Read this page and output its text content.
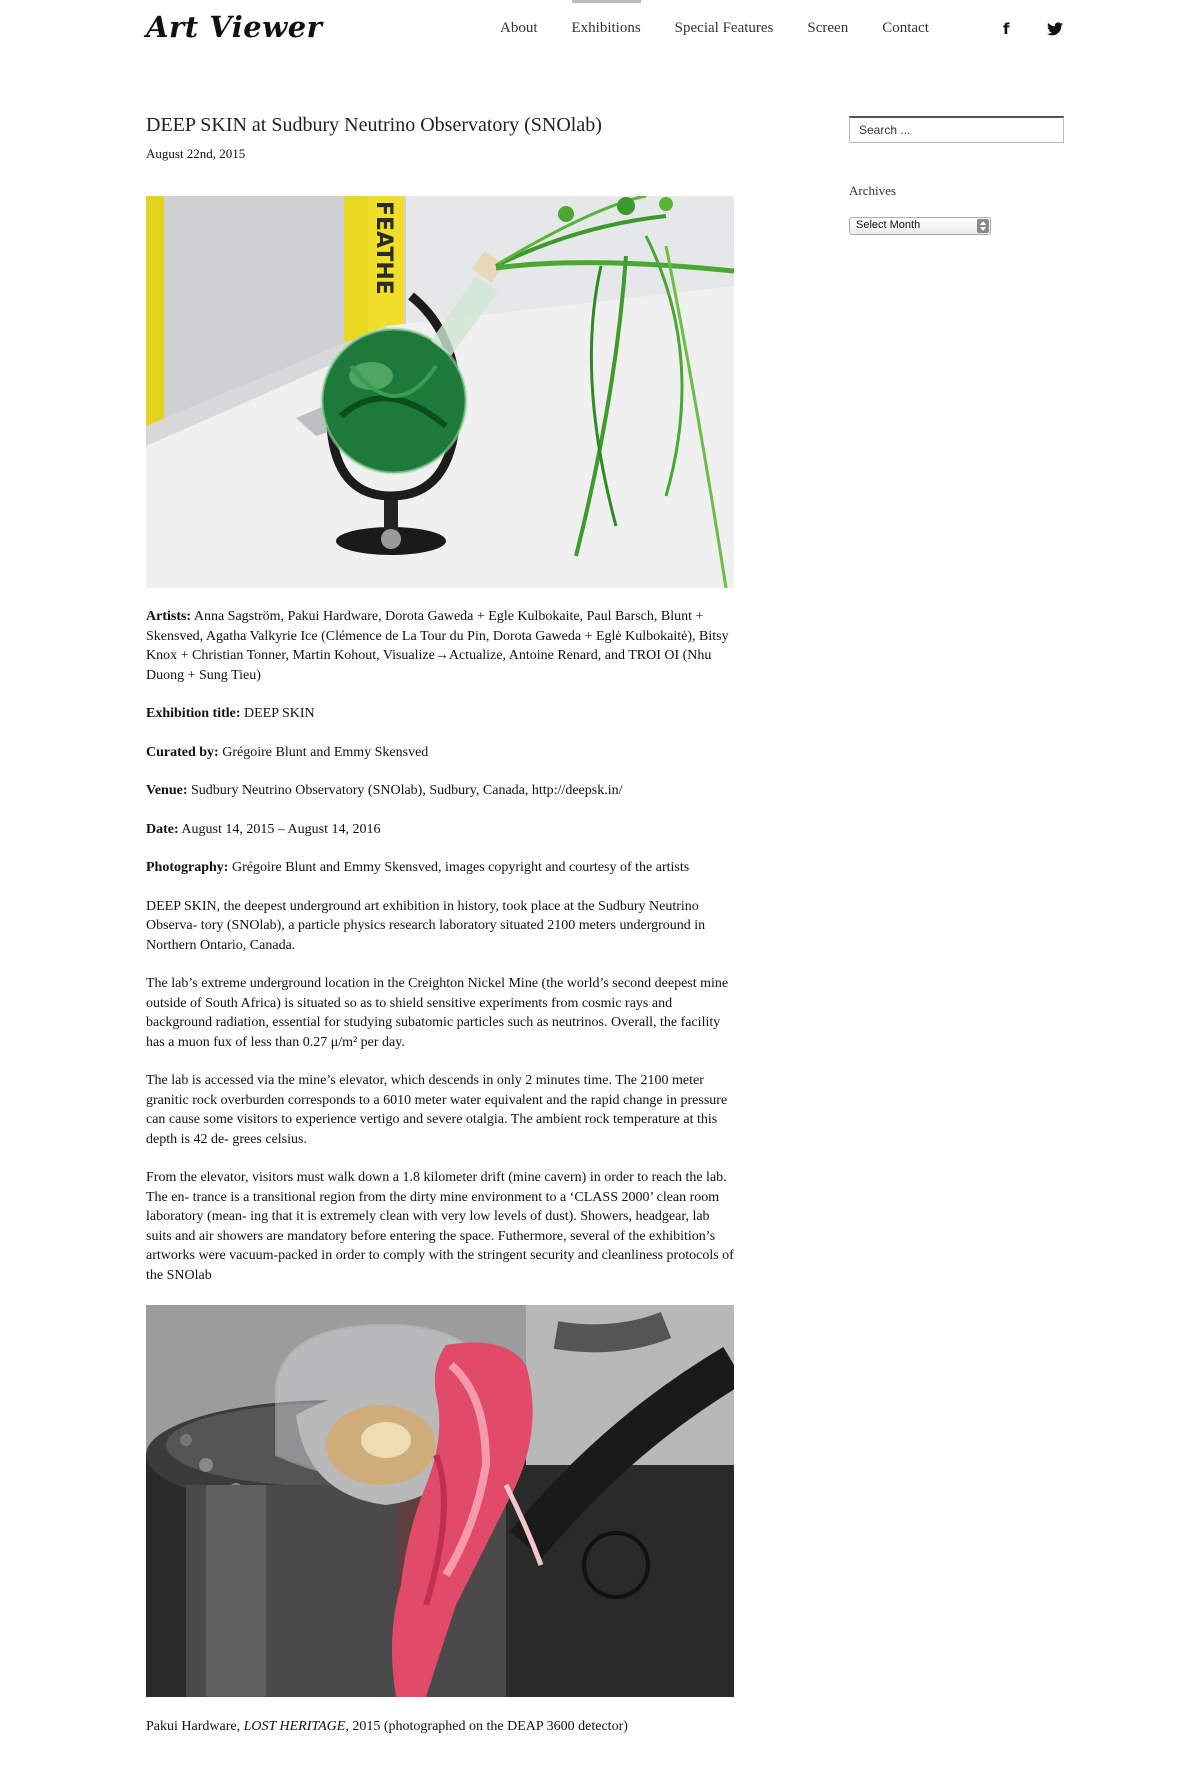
Art Viewer	About Exhibitions Special Features Screen Contact	f
DEEP SKIN at Sudbury Neutrino Observatory (SNOlab)
August 22nd, 2015
FEATHE

Artists: Anna Sagström, Pakui Hardware, Dorota Gaweda + Egle Kulbokaite, Paul Barsch, Blunt + Skensved, Agatha Valkyrie Ice (Clémence de La Tour du Pin, Dorota Gaweda + Eglė Kulbokaitė), Bitsy Knox + Christian Tonner, Martin Kohout, Visualize→Actualize, Antoine Renard, and TROI OI (Nhu Duong + Sung Tieu)

Exhibition title: DEEP SKIN

Curated by: Grégoire Blunt and Emmy Skensved

Venue: Sudbury Neutrino Observatory (SNOlab), Sudbury, Canada, http://deepsk.in/

Date: August 14, 2015 – August 14, 2016

Photography: Grégoire Blunt and Emmy Skensved, images copyright and courtesy of the artists

DEEP SKIN, the deepest underground art exhibition in history, took place at the Sudbury Neutrino Observa- tory (SNOlab), a particle physics research laboratory situated 2100 meters underground in Northern Ontario, Canada.

The lab’s extreme underground location in the Creighton Nickel Mine (the world’s second deepest mine outside of South Africa) is situated so as to shield sensitive experiments from cosmic rays and background radiation, essential for studying subatomic particles such as neutrinos. Overall, the facility has a muon fux of less than 0.27 μ/m² per day.

The lab is accessed via the mine’s elevator, which descends in only 2 minutes time. The 2100 meter granitic rock overburden corresponds to a 6010 meter water equivalent and the rapid change in pressure can cause some visitors to experience vertigo and severe otalgia. The ambient rock temperature at this depth is 42 de- grees celsius.

From the elevator, visitors must walk down a 1.8 kilometer drift (mine cavern) in order to reach the lab. The en- trance is a transitional region from the dirty mine environment to a ‘CLASS 2000’ clean room laboratory (mean- ing that it is extremely clean with very low levels of dust). Showers, headgear, lab suits and air showers are mandatory before entering the space. Futhermore, several of the exhibition’s artworks were vacuum-packed in order to comply with the stringent security and cleanliness protocols of the SNOlab

Pakui Hardware, LOST HERITAGE, 2015 (photographed on the DEAP 3600 detector)
Search ...
Archives
Select Month
